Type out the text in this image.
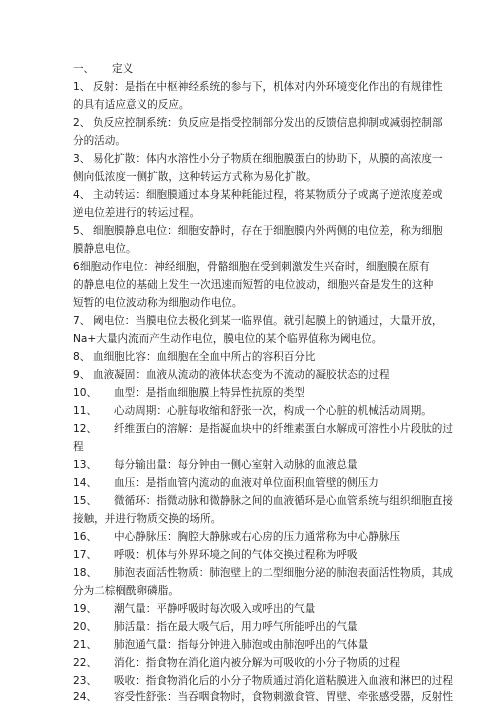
一、 定义
1、 反射：是指在中枢神经系统的参与下，机体对内外环境变化作出的有规律性
的具有适应意义的反应。
2、 负反应控制系统：负反应是指受控制部分发出的反馈信息抑制或减弱控制部
分的活动。
3、 易化扩散：体内水溶性小分子物质在细胞膜蛋白的协助下，从膜的高浓度一
侧向低浓度一侧扩散，这种转运方式称为易化扩散。
4、 主动转运：细胞膜通过本身某种耗能过程，将某物质分子或离子逆浓度差或
逆电位差进行的转运过程。
5、 细胞膜静息电位：细胞安静时，存在于细胞膜内外两侧的电位差，称为细胞
膜静息电位。
6 细胞动作电位：神经细胞，骨骼细胞在受到刺激发生兴奋时，细胞膜在原有
的静息电位的基础上发生一次迅速而短暂的电位波动，细胞兴奋是发生的这种
短暂的电位波动称为细胞动作电位。
7、 阈电位：当膜电位去极化到某一临界值。就引起膜上的钠通过，大量开放，
Na+大量内流而产生动作电位，膜电位的某个临界值称为阈电位。
8、 血细胞比容：血细胞在全血中所占的容积百分比
9、 血液凝固：血液从流动的液体状态变为不流动的凝胶状态的过程
10、 血型：是指血细胞膜上特异性抗原的类型
11、 心动周期：心脏每收缩和舒张一次，构成一个心脏的机械活动周期。
12、 纤维蛋白的溶解：是指凝血块中的纤维素蛋白水解成可溶性小片段肽的过
程
13、 每分输出量：每分钟由一侧心室射入动脉的血液总量
14、 血压：是指血管内流动的血液对单位面积血管壁的侧压力
15、 微循环：指微动脉和微静脉之间的血液循环是心血管系统与组织细胞直接
接触，并进行物质交换的场所。
16、 中心静脉压：胸腔大静脉或右心房的压力通常称为中心静脉压
17、 呼吸：机体与外界环境之间的气体交换过程称为呼吸
18、 肺泡表面活性物质：肺泡壁上的二型细胞分泌的肺泡表面活性物质，其成
分为二棕榈酰卵磷脂。
19、 潮气量：平静呼吸时每次吸入或呼出的气量
20、 肺活量：指在最大吸气后，用力呼气所能呼出的气量
21、 肺泡通气量：指每分钟进入肺泡或由肺泡呼出的气体量
22、 消化：指食物在消化道内被分解为可吸收的小分子物质的过程
23、 吸收：指食物消化后的小分子物质通过消化道粘膜进入血液和淋巴的过程
24、 容受性舒张：当吞咽食物时，食物刺激食管、胃壁、牵张感受器，反射性
